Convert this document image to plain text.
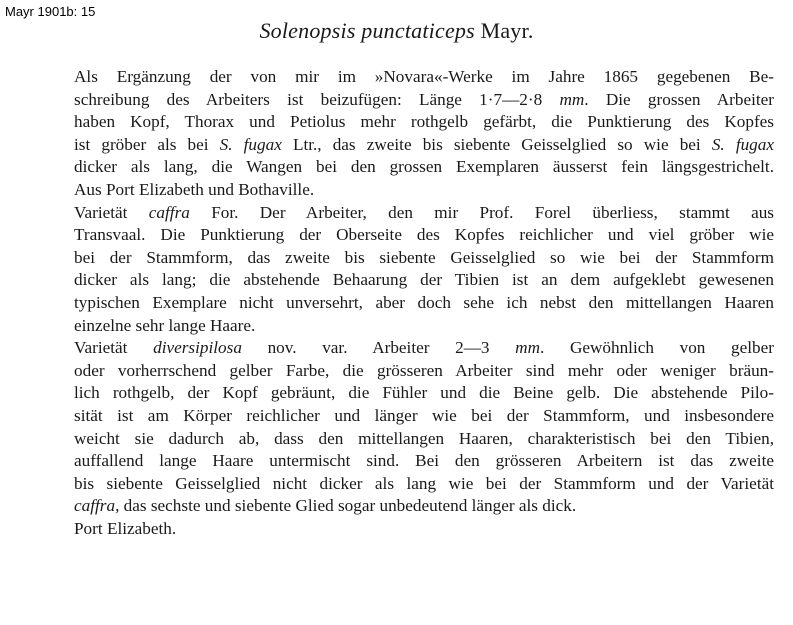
Mayr 1901b: 15
Solenopsis punctaticeps Mayr.

Als Ergänzung der von mir im »Novara«-Werke im Jahre 1865 gegebenen Be-
schreibung des Arbeiters ist beizufügen: Länge 1·7—2·8 mm. Die grossen Arbeiter
haben Kopf, Thorax und Petiolus mehr rothgelb gefärbt, die Punktierung des Kopfes
ist gröber als bei S. fugax Ltr., das zweite bis siebente Geisselglied so wie bei S. fugax
dicker als lang, die Wangen bei den grossen Exemplaren äusserst fein längsgestrichelt.
Aus Port Elizabeth und Bothaville.

Varietät caffra For. Der Arbeiter, den mir Prof. Forel überliess, stammt aus
Transvaal. Die Punktierung der Oberseite des Kopfes reichlicher und viel gröber wie
bei der Stammform, das zweite bis siebente Geisselglied so wie bei der Stammform
dicker als lang; die abstehende Behaarung der Tibien ist an dem aufgeklebt gewesenen
typischen Exemplare nicht unversehrt, aber doch sehe ich nebst den mittellangen Haaren
einzelne sehr lange Haare.

Varietät diversipilosa nov. var. Arbeiter 2—3 mm. Gewöhnlich von gelber
oder vorherrschend gelber Farbe, die grösseren Arbeiter sind mehr oder weniger bräun-
lich rothgelb, der Kopf gebräunt, die Fühler und die Beine gelb. Die abstehende Pilo-
sität ist am Körper reichlicher und länger wie bei der Stammform, und insbesondere
weicht sie dadurch ab, dass den mittellangen Haaren, charakteristisch bei den Tibien,
auffallend lange Haare untermischt sind. Bei den grösseren Arbeitern ist das zweite
bis siebente Geisselglied nicht dicker als lang wie bei der Stammform und der Varietät
caffra, das sechste und siebente Glied sogar unbedeutend länger als dick.

Port Elizabeth.
